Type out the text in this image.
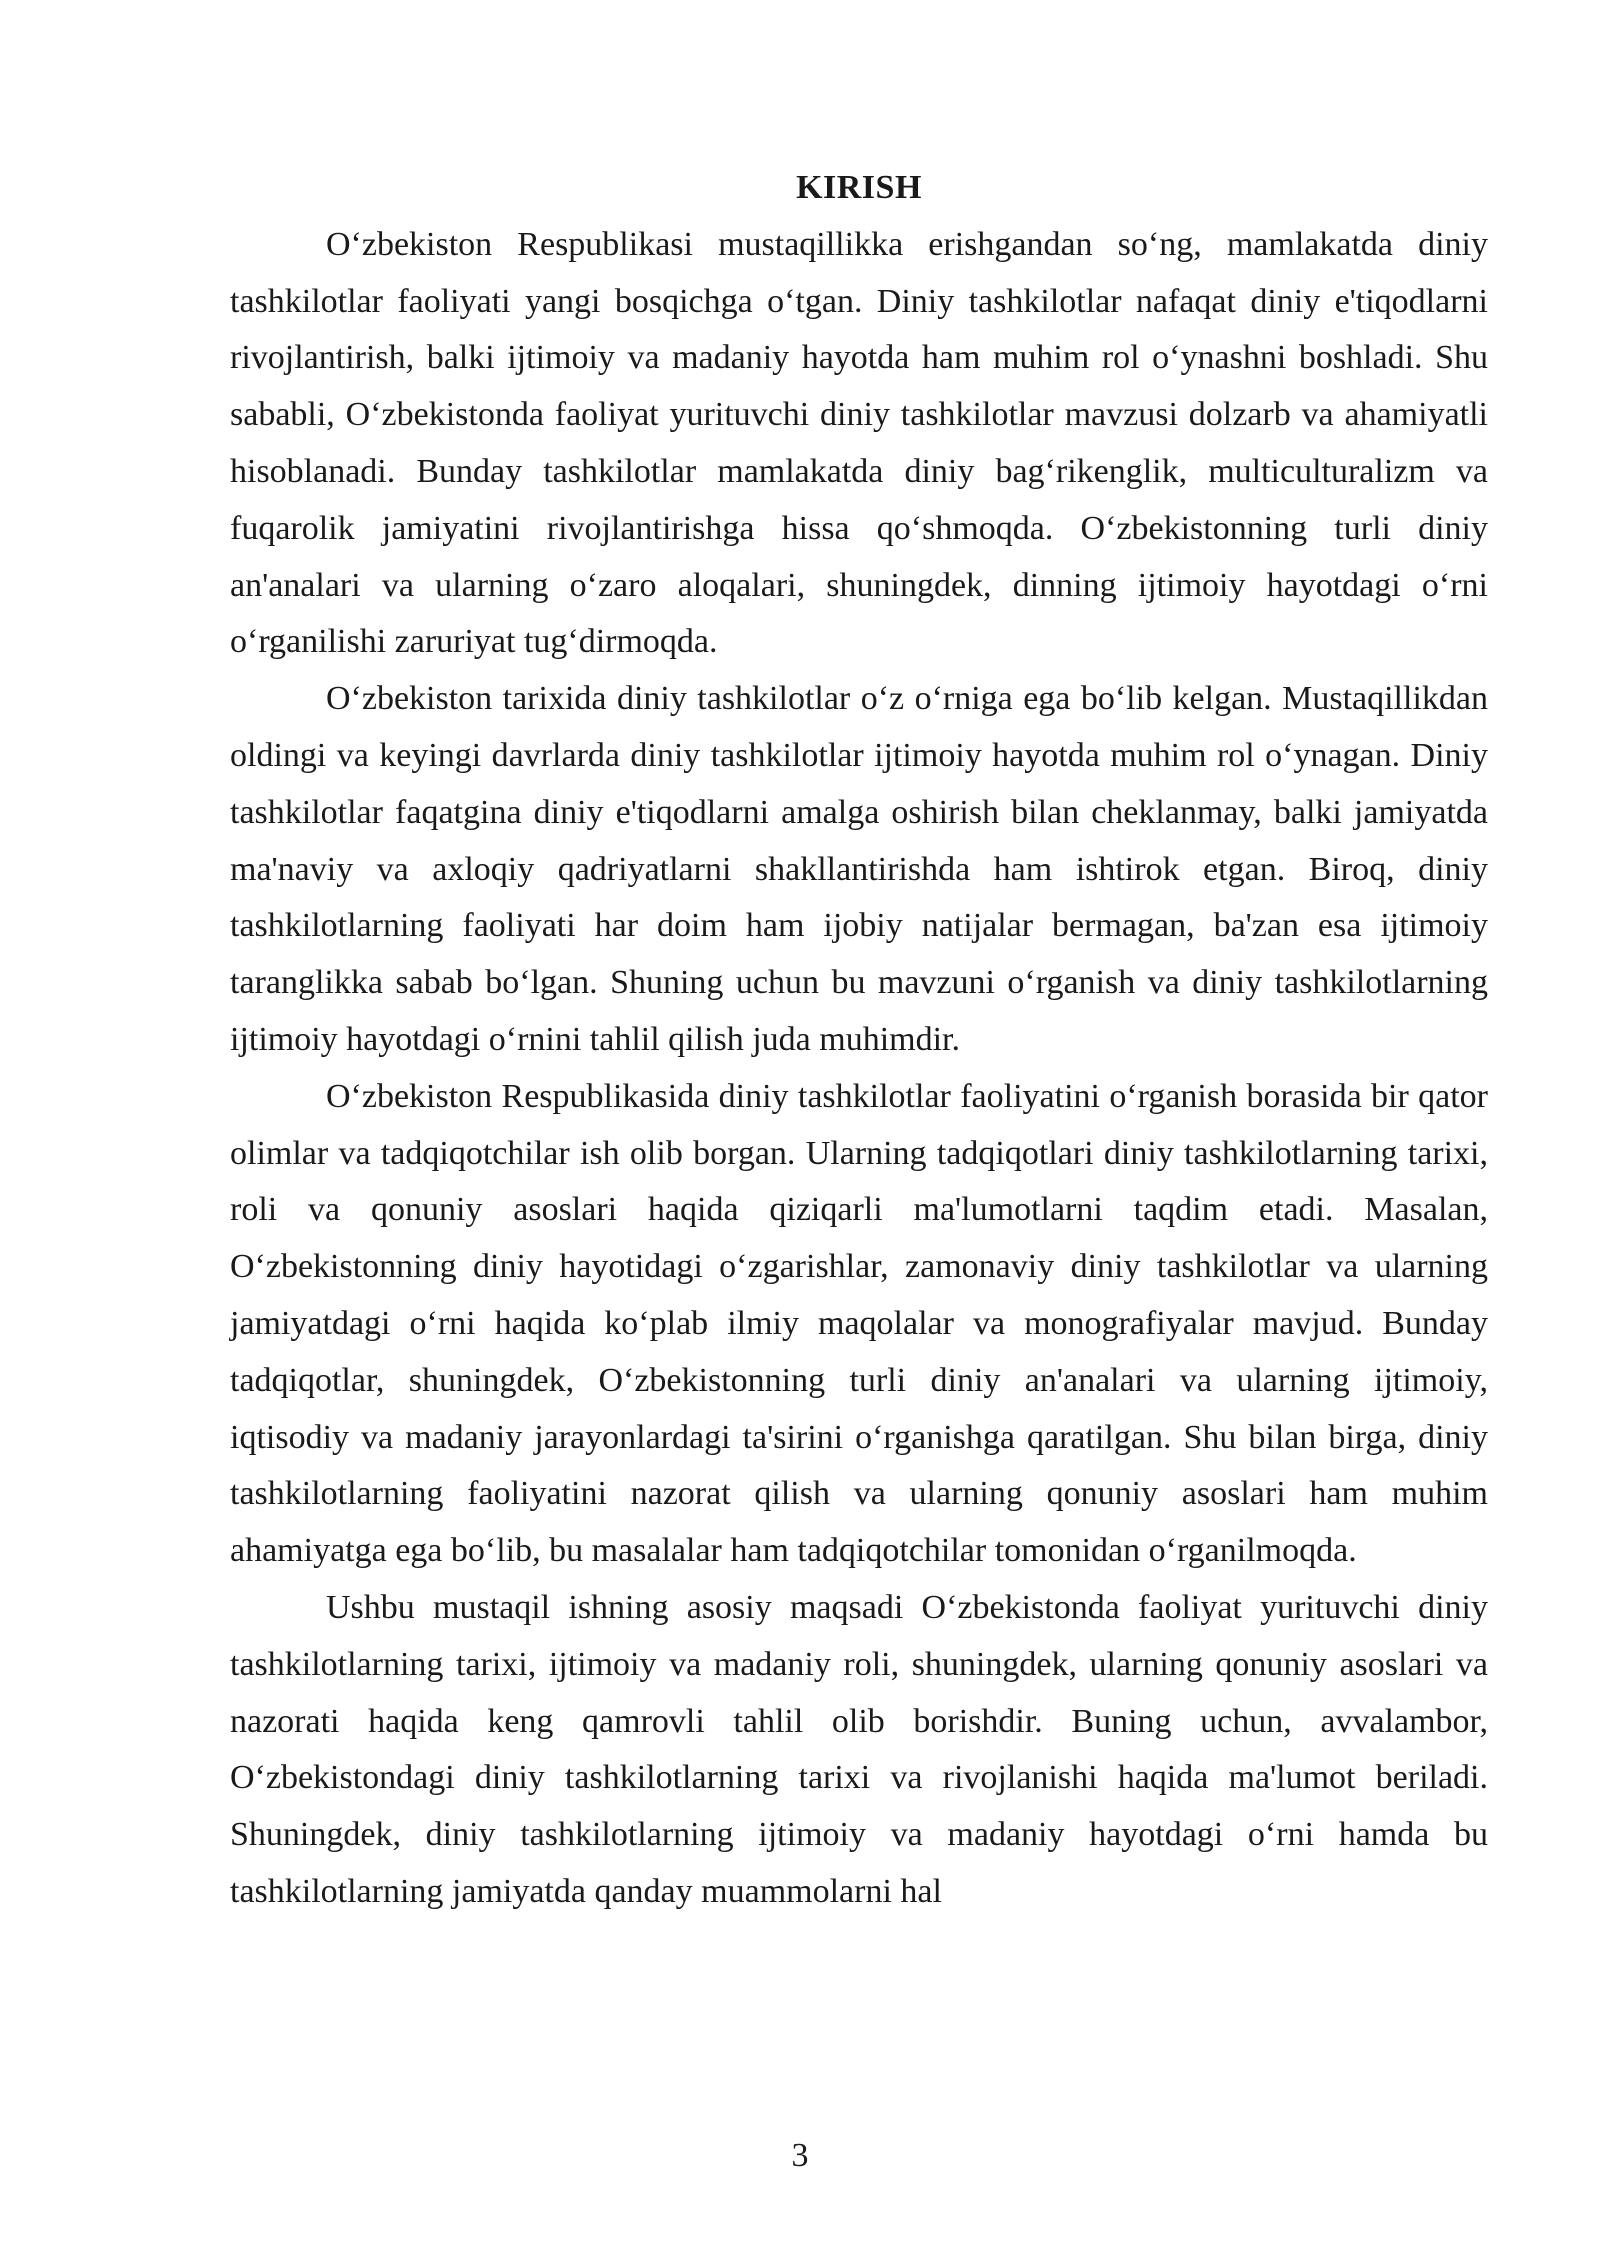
KIRISH

O‘zbekiston Respublikasi mustaqillikka erishgandan so‘ng, mamlakatda diniy tashkilotlar faoliyati yangi bosqichga o‘tgan. Diniy tashkilotlar nafaqat diniy e'tiqodlarni rivojlantirish, balki ijtimoiy va madaniy hayotda ham muhim rol o‘ynashni boshladi. Shu sababli, O‘zbekistonda faoliyat yurituvchi diniy tashkilotlar mavzusi dolzarb va ahamiyatli hisoblanadi. Bunday tashkilotlar mamlakatda diniy bag‘rikenglik, multiculturalizm va fuqarolik jamiyatini rivojlantirishga hissa qo‘shmoqda. O‘zbekistonning turli diniy an'analari va ularning o‘zaro aloqalari, shuningdek, dinning ijtimoiy hayotdagi o‘rni o‘rganilishi zaruriyat tug‘dirmoqda.

O‘zbekiston tarixida diniy tashkilotlar o‘z o‘rniga ega bo‘lib kelgan. Mustaqillikdan oldingi va keyingi davrlarda diniy tashkilotlar ijtimoiy hayotda muhim rol o‘ynagan. Diniy tashkilotlar faqatgina diniy e'tiqodlarni amalga oshirish bilan cheklanmay, balki jamiyatda ma'naviy va axloqiy qadriyatlarni shakllantirishda ham ishtirok etgan. Biroq, diniy tashkilotlarning faoliyati har doim ham ijobiy natijalar bermagan, ba'zan esa ijtimoiy taranglikka sabab bo‘lgan. Shuning uchun bu mavzuni o‘rganish va diniy tashkilotlarning ijtimoiy hayotdagi o‘rnini tahlil qilish juda muhimdir.

O‘zbekiston Respublikasida diniy tashkilotlar faoliyatini o‘rganish borasida bir qator olimlar va tadqiqotchilar ish olib borgan. Ularning tadqiqotlari diniy tashkilotlarning tarixi, roli va qonuniy asoslari haqida qiziqarli ma'lumotlarni taqdim etadi. Masalan, O‘zbekistonning diniy hayotidagi o‘zgarishlar, zamonaviy diniy tashkilotlar va ularning jamiyatdagi o‘rni haqida ko‘plab ilmiy maqolalar va monografiyalar mavjud. Bunday tadqiqotlar, shuningdek, O‘zbekistonning turli diniy an'analari va ularning ijtimoiy, iqtisodiy va madaniy jarayonlardagi ta'sirini o‘rganishga qaratilgan. Shu bilan birga, diniy tashkilotlarning faoliyatini nazorat qilish va ularning qonuniy asoslari ham muhim ahamiyatga ega bo‘lib, bu masalalar ham tadqiqotchilar tomonidan o‘rganilmoqda.

Ushbu mustaqil ishning asosiy maqsadi O‘zbekistonda faoliyat yurituvchi diniy tashkilotlarning tarixi, ijtimoiy va madaniy roli, shuningdek, ularning qonuniy asoslari va nazorati haqida keng qamrovli tahlil olib borishdir. Buning uchun, avvalambor, O‘zbekistondagi diniy tashkilotlarning tarixi va rivojlanishi haqida ma'lumot beriladi. Shuningdek, diniy tashkilotlarning ijtimoiy va madaniy hayotdagi o‘rni hamda bu tashkilotlarning jamiyatda qanday muammolarni hal

3
